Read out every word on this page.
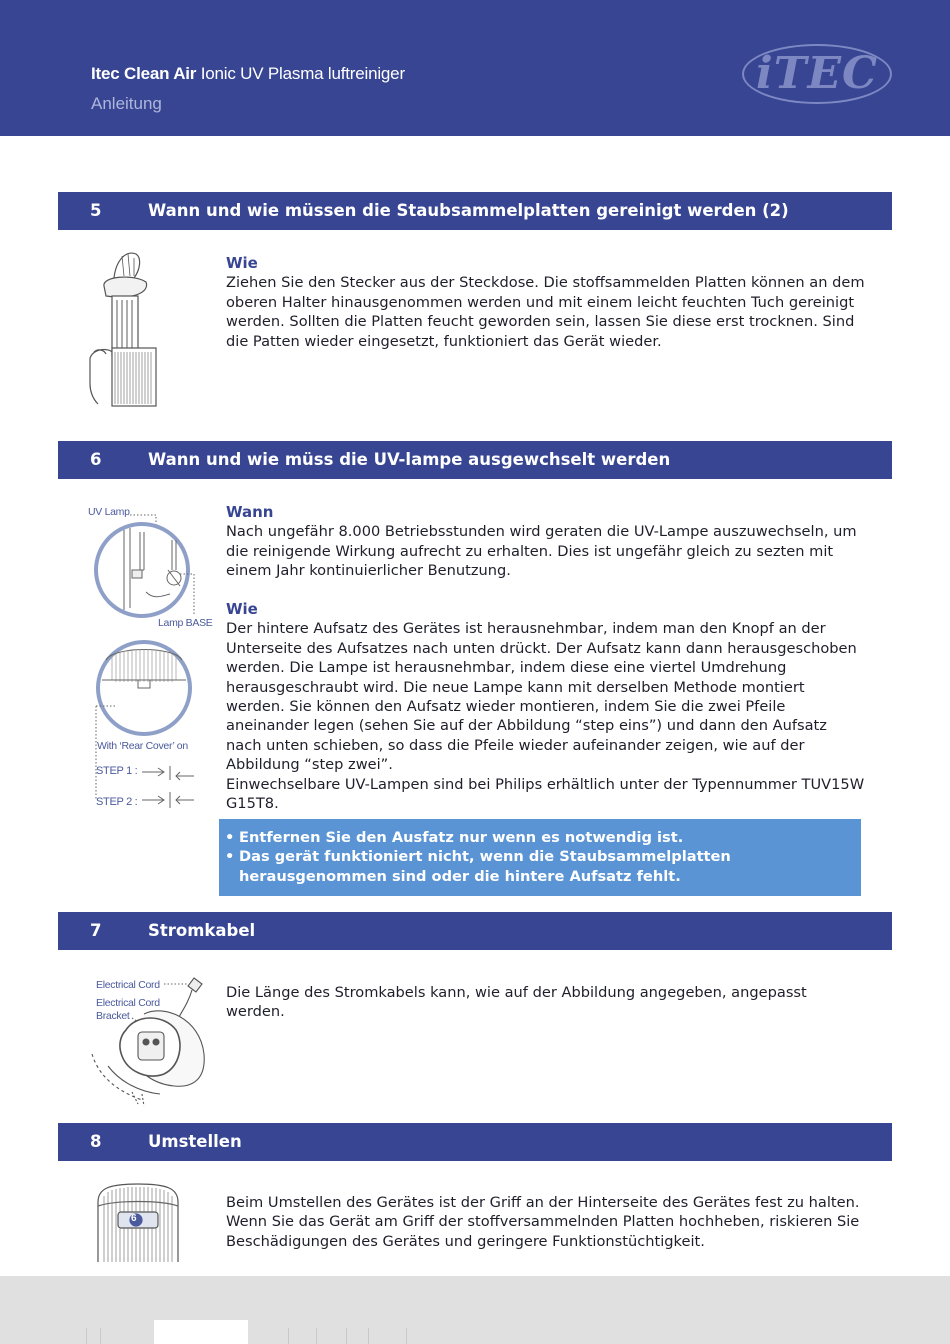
Itec Clean Air Ionic UV Plasma luftreiniger
Anleitung
iTEC
5	Wann und wie müssen die Staubsammelplatten gereinigt werden (2)
Wie

Ziehen Sie den Stecker aus der Steckdose. Die stoffsammelden Platten können an dem oberen Halter hinausgenommen werden und mit einem leicht feuchten Tuch gereinigt werden. Sollten die Platten feucht geworden sein, lassen Sie diese erst trocknen. Sind die Patten wieder eingesetzt, funktioniert das Gerät wieder.

6	Wann und wie müss die UV-lampe ausgewchselt werden
UV Lamp
Lamp BASE
With ‘Rear Cover’ on
STEP 1 :
STEP 2 :
Wann

Nach ungefähr 8.000 Betriebsstunden wird geraten die UV-Lampe auszuwechseln, um die reinigende Wirkung aufrecht zu erhalten. Dies ist ungefähr gleich zu sezten mit einem Jahr kontinuierlicher Benutzung.

Wie

Der hintere Aufsatz des Gerätes ist herausnehmbar, indem man den Knopf an der Unterseite des Aufsatzes nach unten drückt. Der Aufsatz kann dann herausgeschoben werden. Die Lampe ist herausnehmbar, indem diese eine viertel Umdrehung herausgeschraubt wird. Die neue Lampe kann mit derselben Methode montiert werden. Sie können den Aufsatz wieder montieren, indem Sie die zwei Pfeile aneinander legen (sehen Sie auf der Abbildung “step eins”) und dann den Aufsatz nach unten schieben, so dass die Pfeile wieder aufeinander zeigen, wie auf der Abbildung “step zwei”.

Einwechselbare UV-Lampen sind bei Philips erhältlich unter der Typennummer TUV15W G15T8.

• Entfernen Sie den Ausfatz nur wenn es notwendig ist.
• Das gerät funktioniert nicht, wenn die Staubsammelplatten herausgenommen sind oder die hintere Aufsatz fehlt.
7	Stromkabel
Electrical Cord
Electrical Cord
Bracket

Die Länge des Stromkabels kann, wie auf der Abbildung angegeben, angepasst werden.

8	Umstellen
6

Beim Umstellen des Gerätes ist der Griff an der Hinterseite des Gerätes fest zu halten. Wenn Sie das Gerät am Griff der stoffversammelnden Platten hochheben, riskieren Sie Beschädigungen des Gerätes und geringere Funktionstüchtigkeit.
